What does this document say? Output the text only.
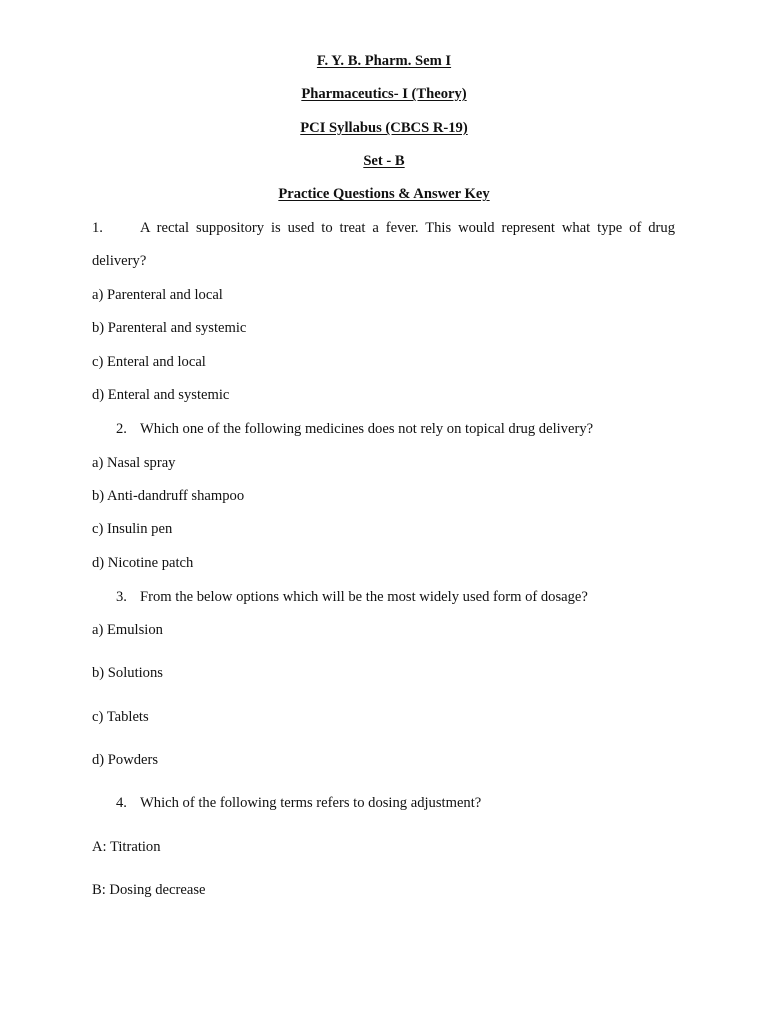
F. Y. B. Pharm. Sem I
Pharmaceutics- I (Theory)
PCI Syllabus (CBCS R-19)
Set - B
Practice Questions & Answer Key
1.	A rectal suppository is used to treat a fever. This would represent what type of drug
delivery?
a) Parenteral and local
b) Parenteral and systemic
c) Enteral and local
d) Enteral and systemic
2. Which one of the following medicines does not rely on topical drug delivery?
a) Nasal spray
b) Anti-dandruff shampoo
c) Insulin pen
d) Nicotine patch
3. From the below options which will be the most widely used form of dosage?
a) Emulsion
b) Solutions
c) Tablets
d) Powders
4. Which of the following terms refers to dosing adjustment?
A: Titration
B: Dosing decrease
